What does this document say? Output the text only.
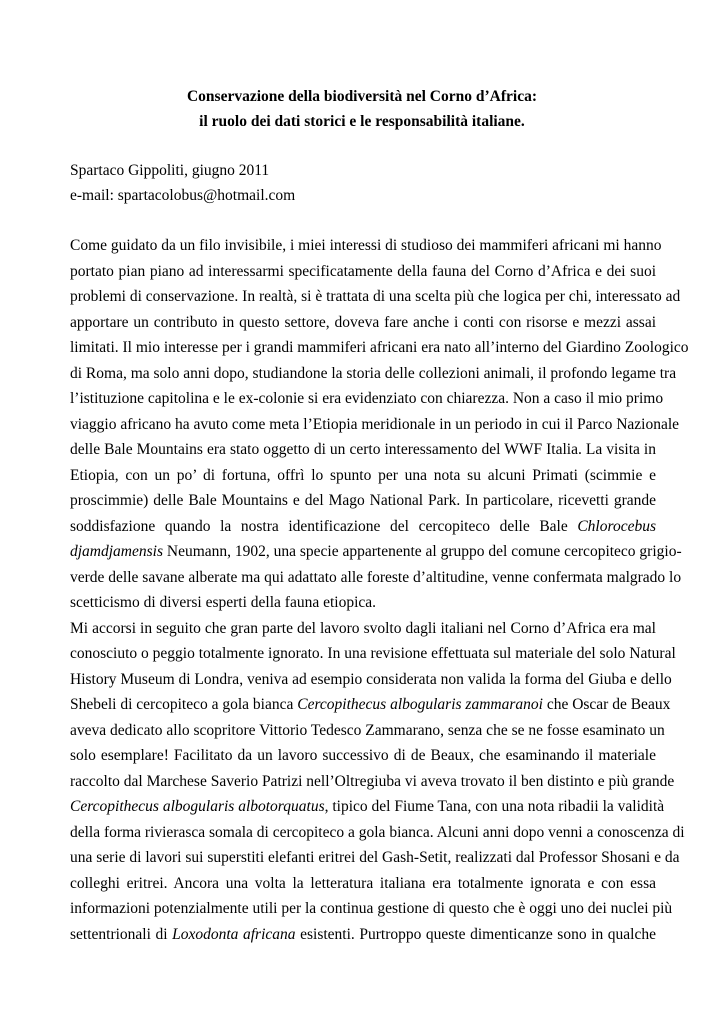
Conservazione della biodiversità nel Corno d’Africa:
il ruolo dei dati storici e le responsabilità italiane.
Spartaco Gippoliti, giugno 2011
e-mail: spartacolobus@hotmail.com
Come guidato da un filo invisibile, i miei interessi di studioso dei mammiferi africani mi hanno
portato pian piano ad interessarmi specificatamente della fauna del Corno d’Africa e dei suoi
problemi di conservazione. In realtà, si è trattata di una scelta più che logica per chi, interessato ad
apportare un contributo in questo settore, doveva fare anche i conti con risorse e mezzi assai
limitati. Il mio interesse per i grandi mammiferi africani era nato all’interno del Giardino Zoologico
di Roma, ma solo anni dopo, studiandone la storia delle collezioni animali, il profondo legame tra
l’istituzione capitolina e le ex-colonie si era evidenziato con chiarezza. Non a caso il mio primo
viaggio africano ha avuto come meta l’Etiopia meridionale in un periodo in cui il Parco Nazionale
delle Bale Mountains era stato oggetto di un certo interessamento del WWF Italia. La visita in
Etiopia, con un po’ di fortuna, offrì lo spunto per una nota su alcuni Primati (scimmie e
proscimmie) delle Bale Mountains e del Mago National Park. In particolare, ricevetti grande
soddisfazione quando la nostra identificazione del cercopiteco delle Bale Chlorocebus
djamdjamensis Neumann, 1902, una specie appartenente al gruppo del comune cercopiteco grigio-
verde delle savane alberate ma qui adattato alle foreste d’altitudine, venne confermata malgrado lo
scetticismo di diversi esperti della fauna etiopica.
Mi accorsi in seguito che gran parte del lavoro svolto dagli italiani nel Corno d’Africa era mal
conosciuto o peggio totalmente ignorato. In una revisione effettuata sul materiale del solo Natural
History Museum di Londra, veniva ad esempio considerata non valida la forma del Giuba e dello
Shebeli di cercopiteco a gola bianca Cercopithecus albogularis zammaranoi che Oscar de Beaux
aveva dedicato allo scopritore Vittorio Tedesco Zammarano, senza che se ne fosse esaminato un
solo esemplare! Facilitato da un lavoro successivo di de Beaux, che esaminando il materiale
raccolto dal Marchese Saverio Patrizi nell’Oltregiuba vi aveva trovato il ben distinto e più grande
Cercopithecus albogularis albotorquatus, tipico del Fiume Tana, con una nota ribadii la validità
della forma rivierasca somala di cercopiteco a gola bianca. Alcuni anni dopo venni a conoscenza di
una serie di lavori sui superstiti elefanti eritrei del Gash-Setit, realizzati dal Professor Shosani e da
colleghi eritrei. Ancora una volta la letteratura italiana era totalmente ignorata e con essa
informazioni potenzialmente utili per la continua gestione di questo che è oggi uno dei nuclei più
settentrionali di Loxodonta africana esistenti. Purtroppo queste dimenticanze sono in qualche
